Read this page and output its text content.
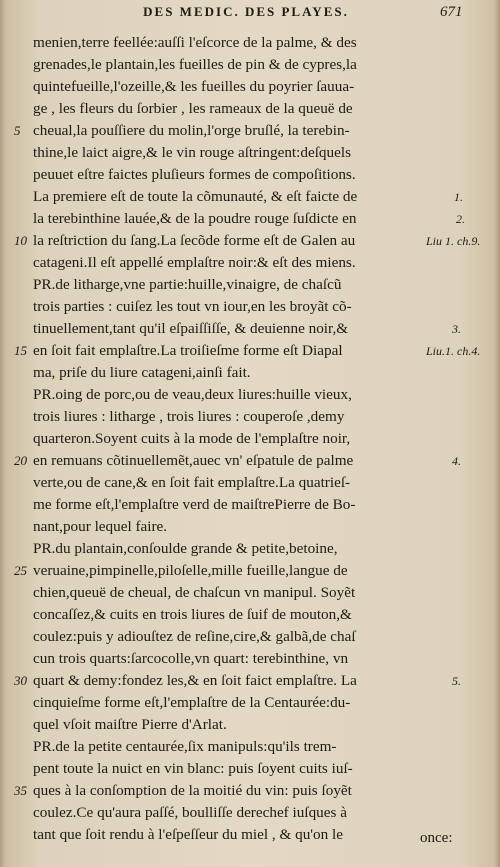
DES MEDIC. DES PLAYES.	671
menien,terre feellée:auſſi l'eſcorce de la palme, & des
grenades,le plantain,les fueilles de pin & de cypres,la
quintefueille,l'ozeille,& les fueilles du poyrier ſauua-
ge , les fleurs du ſorbier , les rameaux de la queuë de
cheual,la pouſſiere du molin,l'orge bruſlé, la terebin-
thine,le laict aigre,& le vin rouge aſtringent:deſquels
peuuet eſtre faictes pluſieurs formes de compoſitions.
La premiere eſt de toute la cõmunauté, & eſt faicte de
la terebinthine lauée,& de la poudre rouge ſuſdicte en
la reſtriction du ſang.La ſecõde forme eſt de Galen au
catageni.Il eſt appellé emplaſtre noir:& eſt des miens.
PR.de litharge,vne partie:huille,vinaigre, de chaſcũ
trois parties : cuiſez les tout vn iour,en les broyãt cõ-
tinuellement,tant qu'il eſpaiſſiſſe, & deuienne noir,&
en ſoit fait emplaſtre.La troiſieſme forme eſt Diapal
ma, priſe du liure catageni,ainſi fait.
PR.oing de porc,ou de veau,deux liures:huille vieux,
trois liures : litharge , trois liures : couperoſe ,demy
quarteron.Soyent cuits à la mode de l'emplaſtre noir,
en remuans cõtinuellemẽt,auec vn' eſpatule de palme
verte,ou de cane,& en ſoit fait emplaſtre.La quatrieſ-
me forme eſt,l'emplaſtre verd de maiſtrePierre de Bo-
nant,pour lequel faire.
PR.du plantain,conſoulde grande & petite,betoine,
veruaine,pimpinelle,piloſelle,mille fueille,langue de
chien,queuë de cheual, de chaſcun vn manipul. Soyẽt
concaſſez,& cuits en trois liures de ſuif de mouton,&
coulez:puis y adiouſtez de reſine,cire,& galbã,de chaſ
cun trois quarts:ſarcocolle,vn quart: terebinthine, vn
quart & demy:fondez les,& en ſoit faict emplaſtre. La
cinquieſme forme eſt,l'emplaſtre de la Centaurée:du-
quel vſoit maiſtre Pierre d'Arlat.
PR.de la petite centaurée,ſix manipuls:qu'ils trem-
pent toute la nuict en vin blanc: puis ſoyent cuits iuſ-
ques à la conſomption de la moitié du vin: puis ſoyẽt
coulez.Ce qu'aura paſſé, boulliſſe derechef iuſques à
tant que ſoit rendu à l'eſpeſſeur du miel , & qu'on le
5
10
15
20
25
30
35
1.
2.
Liu 1. ch.9.
3.
Liu.1. ch.4.
4.
5.
once:
